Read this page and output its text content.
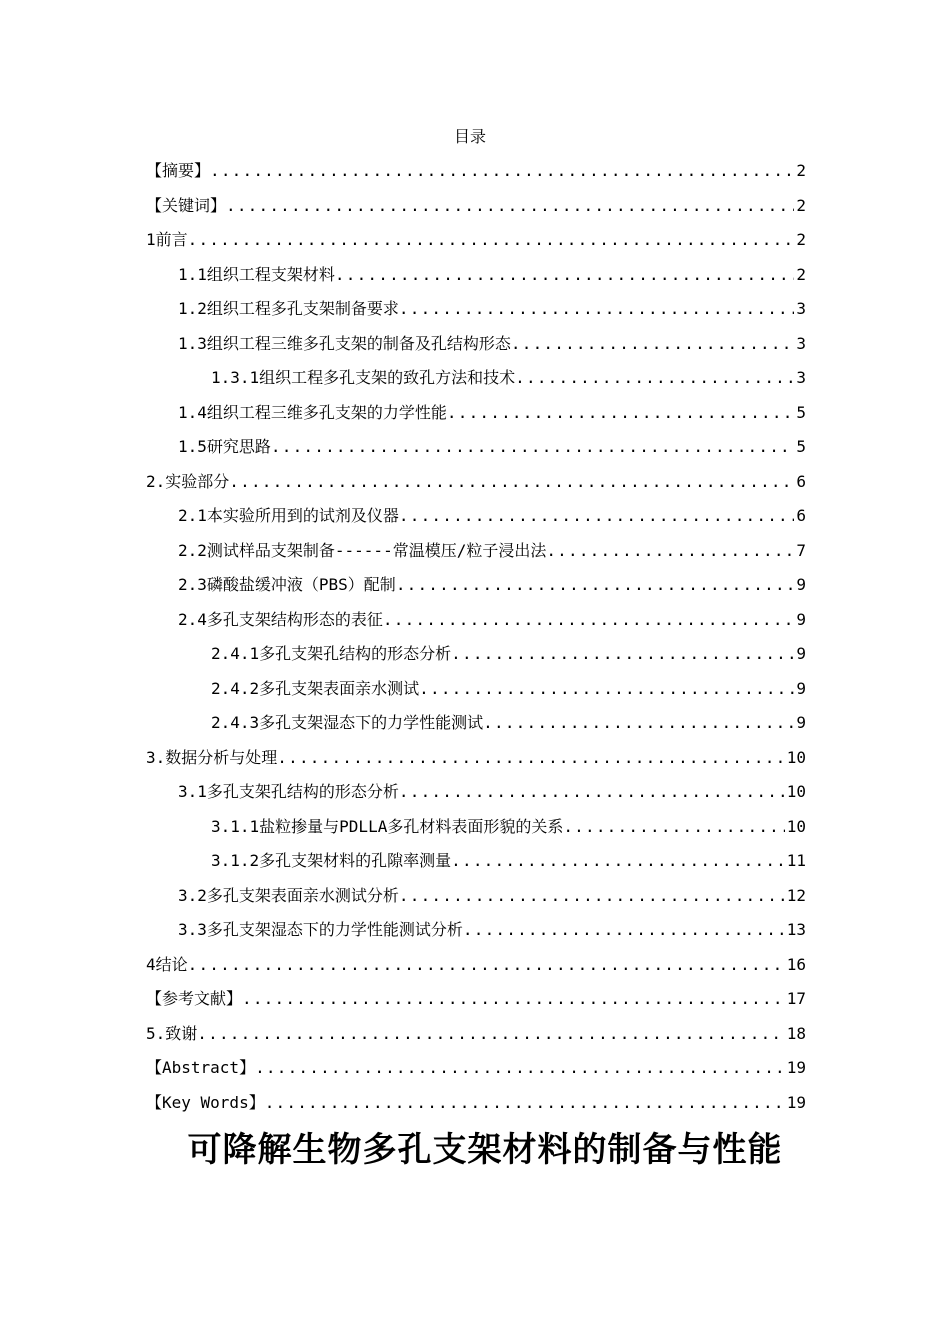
目录
【摘要】 .....	2
【关键词】 .....	2
1前言 .....	2
1.1组织工程支架材料 .....	2
1.2组织工程多孔支架制备要求 .....	3
1.3组织工程三维多孔支架的制备及孔结构形态 .....	3
1.3.1组织工程多孔支架的致孔方法和技术 .....	3
1.4组织工程三维多孔支架的力学性能 .....	5
1.5研究思路 .....	5
2.实验部分 .....	6
2.1本实验所用到的试剂及仪器 .....	6
2.2测试样品支架制备------常温模压/粒子浸出法 .....	7
2.3磷酸盐缓冲液（PBS）配制 .....	9
2.4多孔支架结构形态的表征 .....	9
2.4.1多孔支架孔结构的形态分析 .....	9
2.4.2多孔支架表面亲水测试 .....	9
2.4.3多孔支架湿态下的力学性能测试 .....	9
3.数据分析与处理 .....	10
3.1多孔支架孔结构的形态分析 .....	10
3.1.1盐粒掺量与PDLLA多孔材料表面形貌的关系 .....	10
3.1.2多孔支架材料的孔隙率测量 .....	11
3.2多孔支架表面亲水测试分析 .....	12
3.3多孔支架湿态下的力学性能测试分析 .....	13
4结论 .....	16
【参考文献】 .....	17
5.致谢 .....	18
【Abstract】 .....	19
【Key Words】 .....	19
可降解生物多孔支架材料的制备与性能
